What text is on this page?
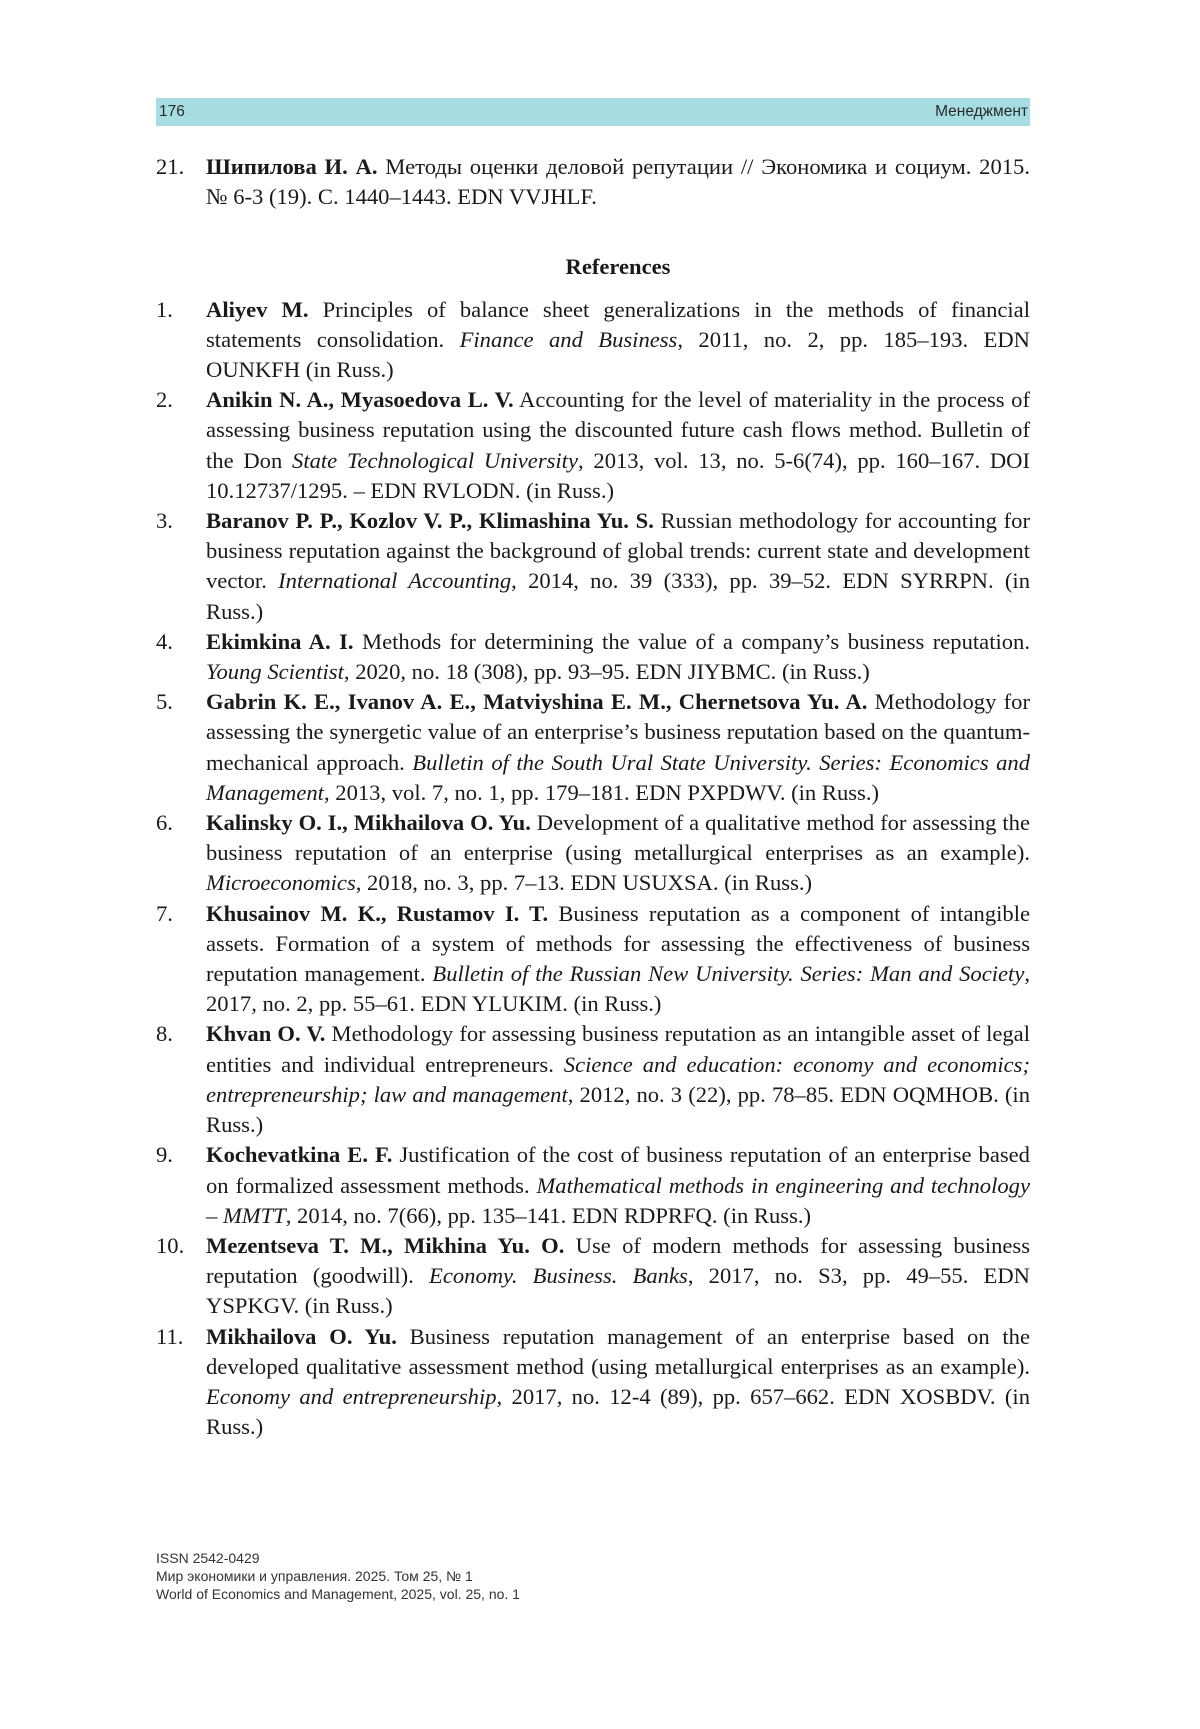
176	Менеджмент
21. Шипилова И. А. Методы оценки деловой репутации // Экономика и социум. 2015. № 6-3 (19). С. 1440–1443. EDN VVJHLF.
References
1. Aliyev M. Principles of balance sheet generalizations in the methods of financial statements consolidation. Finance and Business, 2011, no. 2, pp. 185–193. EDN OUNKFH (in Russ.)
2. Anikin N. A., Myasoedova L. V. Accounting for the level of materiality in the process of assessing business reputation using the discounted future cash flows method. Bulletin of the Don State Technological University, 2013, vol. 13, no. 5-6(74), pp. 160–167. DOI 10.12737/1295. – EDN RVLODN. (in Russ.)
3. Baranov P. P., Kozlov V. P., Klimashina Yu. S. Russian methodology for accounting for business reputation against the background of global trends: current state and development vector. International Accounting, 2014, no. 39 (333), pp. 39–52. EDN SYRRPN. (in Russ.)
4. Ekimkina A. I. Methods for determining the value of a company’s business reputation. Young Scientist, 2020, no. 18 (308), pp. 93–95. EDN JIYBMC. (in Russ.)
5. Gabrin K. E., Ivanov A. E., Matviyshina E. M., Chernetsova Yu. A. Methodology for assessing the synergetic value of an enterprise’s business reputation based on the quantum-mechanical approach. Bulletin of the South Ural State University. Series: Economics and Management, 2013, vol. 7, no. 1, pp. 179–181. EDN PXPDWV. (in Russ.)
6. Kalinsky O. I., Mikhailova O. Yu. Development of a qualitative method for assessing the business reputation of an enterprise (using metallurgical enterprises as an example). Microeconomics, 2018, no. 3, pp. 7–13. EDN USUXSA. (in Russ.)
7. Khusainov M. K., Rustamov I. T. Business reputation as a component of intangible assets. Formation of a system of methods for assessing the effectiveness of business reputation management. Bulletin of the Russian New University. Series: Man and Society, 2017, no. 2, pp. 55–61. EDN YLUKIM. (in Russ.)
8. Khvan O. V. Methodology for assessing business reputation as an intangible asset of legal entities and individual entrepreneurs. Science and education: economy and economics; entrepreneurship; law and management, 2012, no. 3 (22), pp. 78–85. EDN OQMHOB. (in Russ.)
9. Kochevatkina E. F. Justification of the cost of business reputation of an enterprise based on formalized assessment methods. Mathematical methods in engineering and technology – MMTT, 2014, no. 7(66), pp. 135–141. EDN RDPRFQ. (in Russ.)
10. Mezentseva T. M., Mikhina Yu. O. Use of modern methods for assessing business reputation (goodwill). Economy. Business. Banks, 2017, no. S3, pp. 49–55. EDN YSPKGV. (in Russ.)
11. Mikhailova O. Yu. Business reputation management of an enterprise based on the developed qualitative assessment method (using metallurgical enterprises as an example). Economy and entrepreneurship, 2017, no. 12-4 (89), pp. 657–662. EDN XOSBDV. (in Russ.)
ISSN 2542-0429
Мир экономики и управления. 2025. Том 25, № 1
World of Economics and Management, 2025, vol. 25, no. 1
